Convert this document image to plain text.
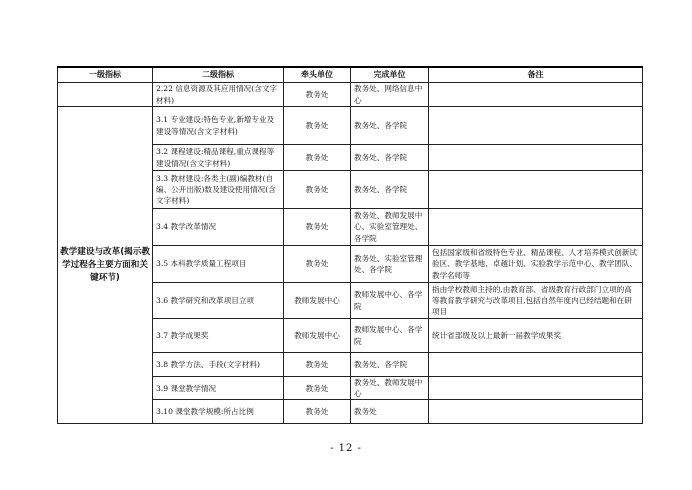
一级指标	二级指标	牵头单位	完成单位	备注
	2.22 信息资源及其应用情况(含文字材料)	教务处	教务处、网络信息中心	
教学建设与改革(揭示教学过程各主要方面和关键环节)	3.1 专业建设:特色专业,新增专业及建设等情况(含文字材料)	教务处	教务处、各学院	
	3.2 课程建设:精品课程,重点课程等建设情况(含文字材料)	教务处	教务处、各学院	
	3.3 教材建设:各类主(副)编教材(自编、公开出版)数及建设使用情况(含文字材料)	教务处	教务处、各学院	
	3.4 教学改革情况	教务处	教务处、教师发展中心、实验室管理处、各学院	
	3.5 本科教学质量工程项目	教务处	教务处、实验室管理处、各学院	包括国家级和省级特色专业、精品课程、人才培养模式创新试验区、教学基地、卓越计划、实验教学示范中心、教学团队、教学名师等
	3.6 教学研究和改革项目立项	教师发展中心	教师发展中心、各学院	指由学校教师主持的,由教育部、省级教育行政部门立项的高等教育教学研究与改革项目,包括自然年度内已经结题和在研项目
	3.7 教学成果奖	教师发展中心	教师发展中心、各学院	统计省部级及以上最新一届教学成果奖
	3.8 教学方法、手段(文字材料)	教务处	教务处、各学院	
	3.9 课堂教学情况	教务处	教务处、教师发展中心	
	3.10 课堂教学规模:所占比例	教务处	教务处	
- 12 -
